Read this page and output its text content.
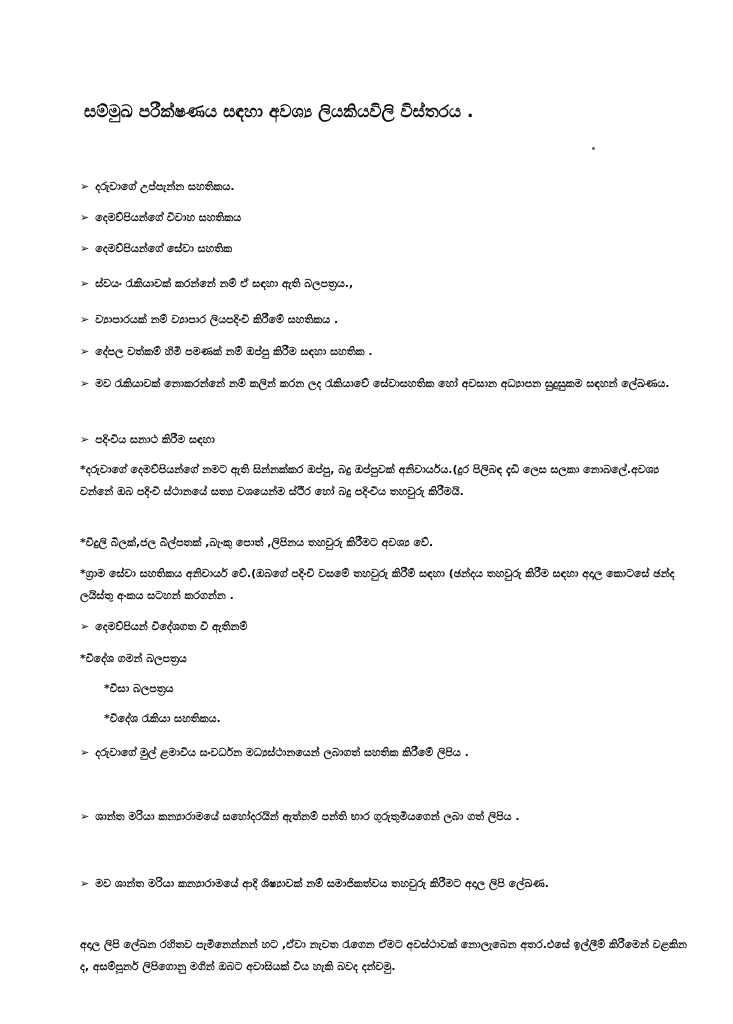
සම්මුඛ පරීක්ෂණය සඳහා අවශ්‍ය ලියකියවිලි විස්තරය .
➢ දරුවාගේ උප්පැන්න සහතිකය.
➢ දෙමව්පියන්ගේ විවාහ සහතිකය
➢ දෙමව්පියන්ගේ සේවා සහතික
➢ ස්වයං රැකියාවක් කරන්නේ නම් ඒ සඳහා ඇති බලපත්‍රය.,
➢ ව්‍යාපාරයක් නම් ව්‍යාපාර ලියපදිංචි කිරීමේ සහතිකය .
➢ දේපල වත්කම් හිමි පමණක් නම් ඔප්පු කිරීම සඳහා සහතික .
➢ මව රැකියාවක් නොකරන්නේ නම් කලින් කරන ලද රැකියාවේ සේවාසහතික හෝ අවසාන අධ්‍යාපන සුදුසුකම සඳහන් ලේඛණය.
➢ පදිංචිය සනාථ කිරීම සඳහා
*දරුවාගේ දෙමව්පියන්ගේ නමට ඇති සින්නක්කර ඔප්පු, බදු ඔප්පුවක් අනිවාර්යය.(දුර පිලිබඳ දැඩි ලෙස සලකා නොබලේ.අවශ්‍ය වන්නේ ඔබ පදිංචි ස්ථානයේ සත්‍ය වශයෙන්ම ස්ථිර හෝ බදු පදිංචිය තහවුරු කිරීමයි.
*විදුලි බිලක්,ජල බිල්පතක් ,බැංකු පොත් ,ලිපිනය තහවුරු කිරීමට අවශ්‍ය වේ.
*ග්‍රාම සේවා සහතිකය අනිවාර්ය වේ.(ඔබගේ පදිංචි වසමේ තහවුරු කිරීම් සඳහා (ඡන්දය තහවුරු කිරීම සඳහා අදාල කොටසේ ඡන්ද ලයිස්තු අංකය සටහන් කරගන්න .
➢ දෙමව්පියන් විදේශගත වී ඇතිනම්
*විදේශ ගමන් බලපත්‍රය
*වීසා බලපත්‍රය
*විදේශ රැකියා සහතිකය.
➢ දරුවාගේ මුල් ළමාවිය සංවර්ධන මධ්‍යස්ථානයෙන් ලබාගත් සහතික කිරීමේ ලිපිය .
➢ ශාන්ත මරියා කන්‍යාරාමයේ සහෝදරයින් ඇත්නම් පන්ති භාර ගුරුතුමියගෙන් ලබා ගත් ලිපිය .
➢ මව ශාන්ත මරියා කන්‍යාරාමයේ ආදි ශිෂ්‍යාවක් නම් සමාජිකත්වය තහවුරු කිරීමට අදාල ලිපි ලේඛණ.
අදාල ලිපි ලේඛන රහිතව පැමිනෙන්නන් හට ,ඒවා නැවත රැගෙන ඒමට අවස්ථාවක් නොලැබෙන අතර.එසේ ඉල්ලීම් කිරීමෙන් වළකින ද, අසම්පූර්න ලිපිගොනු මගින් ඔබට අවාසියක් විය හැකි බවද දන්වමු.
